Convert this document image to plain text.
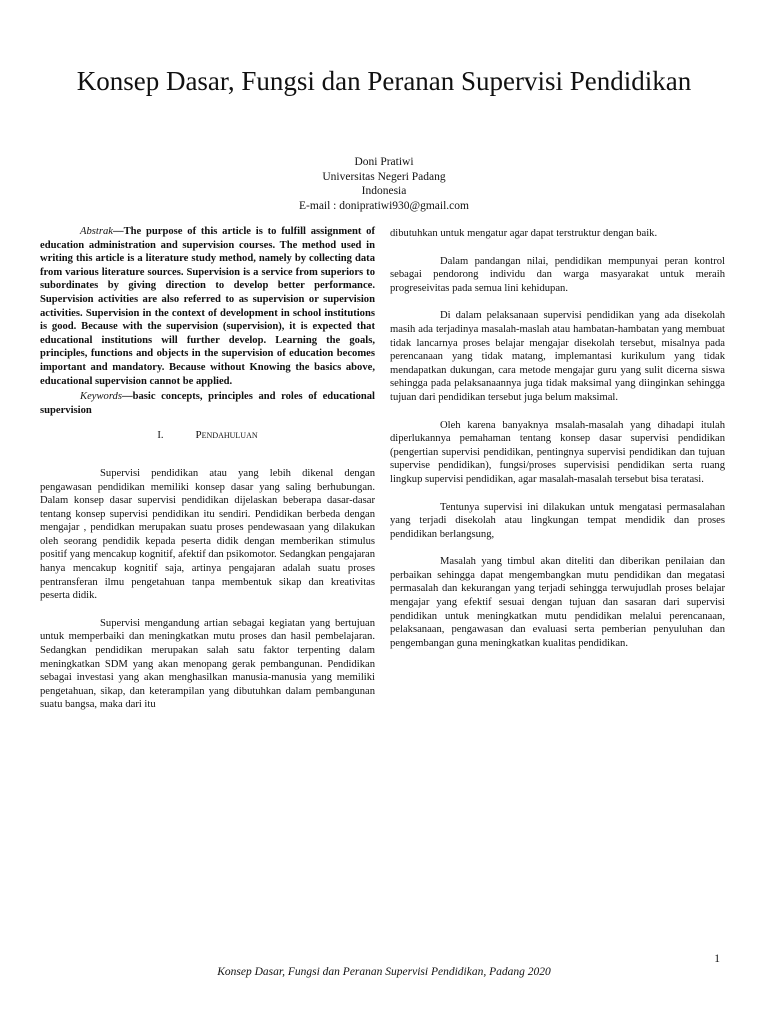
Konsep Dasar, Fungsi dan Peranan Supervisi Pendidikan
Doni Pratiwi
Universitas Negeri Padang
Indonesia
E-mail : donipratiwi930@gmail.com

Abstrak—The purpose of this article is to fulfill assignment of education administration and supervision courses. The method used in writing this article is a literature study method, namely by collecting data from various literature sources. Supervision is a service from superiors to subordinates by giving direction to develop better performance. Supervision activities are also referred to as supervision or supervision activities. Supervision in the context of development in school institutions is good. Because with the supervision (supervision), it is expected that educational institutions will further develop. Learning the goals, principles, functions and objects in the supervision of education becomes important and mandatory. Because without Knowing the basics above, educational supervision cannot be applied.

Keywords—basic concepts, principles and roles of educational supervision

I.	Pendahuluan

Supervisi pendidikan atau yang lebih dikenal dengan pengawasan pendidikan memiliki konsep dasar yang saling berhubungan. Dalam konsep dasar supervisi pendidikan dijelaskan beberapa dasar-dasar tentang konsep supervisi pendidikan itu sendiri. Pendidikan berbeda dengan mengajar , pendidkan merupakan suatu proses pendewasaan yang dilakukan oleh seorang pendidik kepada peserta didik dengan memberikan stimulus positif yang mencakup kognitif, afektif dan psikomotor. Sedangkan pengajaran hanya mencakup kognitif saja, artinya pengajaran adalah suatu proses pentransferan ilmu pengetahuan tanpa membentuk sikap dan kreativitas peserta didik.

Supervisi mengandung artian sebagai kegiatan yang bertujuan untuk memperbaiki dan meningkatkan mutu proses dan hasil pembelajaran. Sedangkan pendidikan merupakan salah satu faktor terpenting dalam meningkatkan SDM yang akan menopang gerak pembangunan. Pendidikan sebagai investasi yang akan menghasilkan manusia-manusia yang memiliki pengetahuan, sikap, dan keterampilan yang dibutuhkan dalam pembangunan suatu bangsa, maka dari itu

dibutuhkan untuk mengatur agar dapat terstruktur dengan baik.

Dalam pandangan nilai, pendidikan mempunyai peran kontrol sebagai pendorong individu dan warga masyarakat untuk meraih progreseivitas pada semua lini kehidupan.

Di dalam pelaksanaan supervisi pendidikan yang ada disekolah masih ada terjadinya masalah-maslah atau hambatan-hambatan yang membuat tidak lancarnya proses belajar mengajar disekolah tersebut, misalnya pada perencanaan yang tidak matang, implemantasi kurikulum yang tidak mendapatkan dukungan, cara metode mengajar guru yang sulit dicerna siswa sehingga pada pelaksanaannya juga tidak maksimal yang diinginkan sehingga tujuan dari pendidikan tersebut juga belum maksimal.

Oleh karena banyaknya msalah-masalah yang dihadapi itulah diperlukannya pemahaman tentang konsep dasar supervisi pendidikan (pengertian supervisi pendidikan, pentingnya supervisi pendidikan dan tujuan supervise pendidikan), fungsi/proses supervisisi pendidikan serta ruang lingkup supervisi pendidikan, agar masalah-masalah tersebut bisa teratasi.

Tentunya supervisi ini dilakukan untuk mengatasi permasalahan yang terjadi disekolah atau lingkungan tempat mendidik dan proses pendidikan berlangsung,

Masalah yang timbul akan diteliti dan diberikan penilaian dan perbaikan sehingga dapat mengembangkan mutu pendidikan dan megatasi permasalah dan kekurangan yang terjadi sehingga terwujudlah proses belajar mengajar yang efektif sesuai dengan tujuan dan sasaran dari supervisi pendidikan untuk meningkatkan mutu pendidikan melalui perencanaan, pelaksanaan, pengawasan dan evaluasi serta pemberian penyuluhan dan pengembangan guna meningkatkan kualitas pendidikan.

1
Konsep Dasar, Fungsi dan Peranan Supervisi Pendidikan, Padang 2020
